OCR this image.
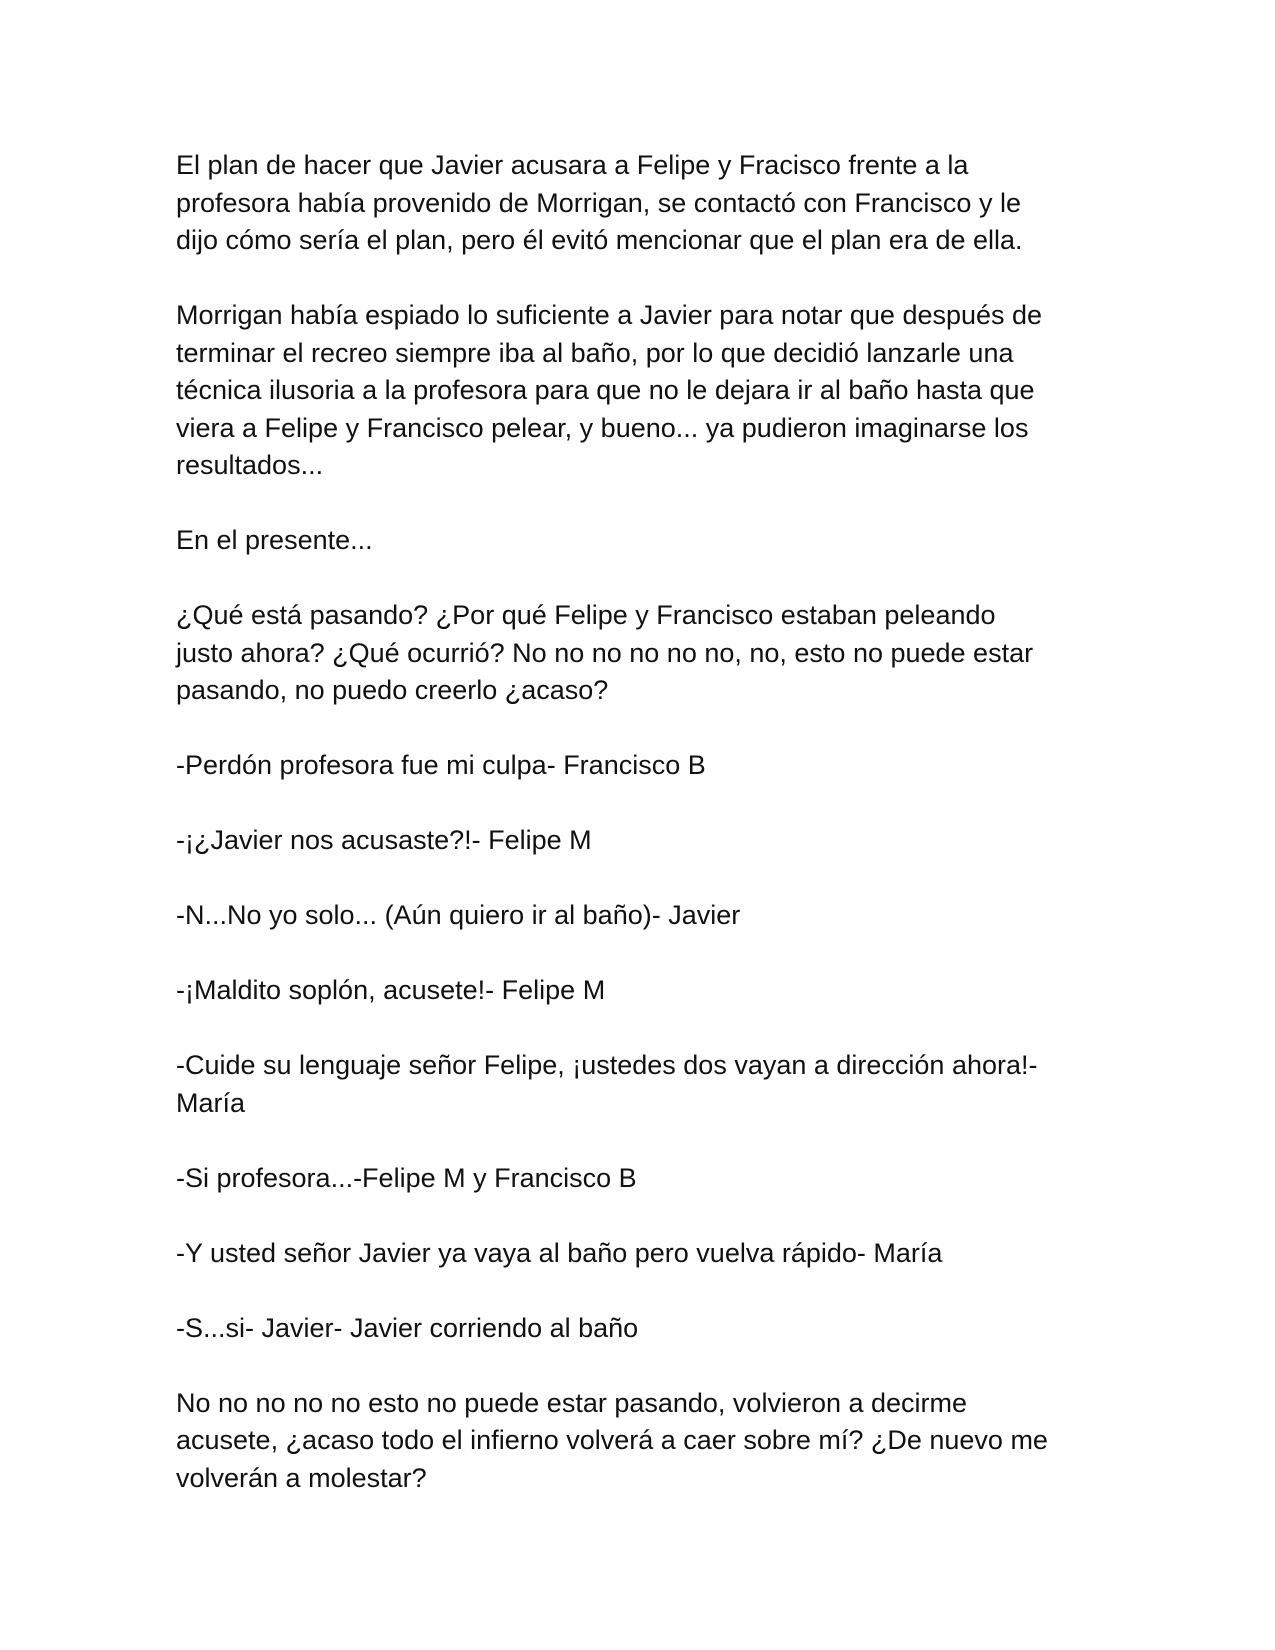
El plan de hacer que Javier acusara a Felipe y Fracisco frente a la
profesora había provenido de Morrigan, se contactó con Francisco y le
dijo cómo sería el plan, pero él evitó mencionar que el plan era de ella.

Morrigan había espiado lo suficiente a Javier para notar que después de
terminar el recreo siempre iba al baño, por lo que decidió lanzarle una
técnica ilusoria a la profesora para que no le dejara ir al baño hasta que
viera a Felipe y Francisco pelear, y bueno... ya pudieron imaginarse los
resultados...

En el presente...

¿Qué está pasando? ¿Por qué Felipe y Francisco estaban peleando
justo ahora? ¿Qué ocurrió? No no no no no no, no, esto no puede estar
pasando, no puedo creerlo ¿acaso?

-Perdón profesora fue mi culpa- Francisco B

-¡¿Javier nos acusaste?!- Felipe M

-N...No yo solo... (Aún quiero ir al baño)- Javier

-¡Maldito soplón, acusete!- Felipe M

-Cuide su lenguaje señor Felipe, ¡ustedes dos vayan a dirección ahora!-
María

-Si profesora...-Felipe M y Francisco B

-Y usted señor Javier ya vaya al baño pero vuelva rápido- María

-S...si- Javier- Javier corriendo al baño

No no no no no esto no puede estar pasando, volvieron a decirme
acusete, ¿acaso todo el infierno volverá a caer sobre mí? ¿De nuevo me
volverán a molestar?
